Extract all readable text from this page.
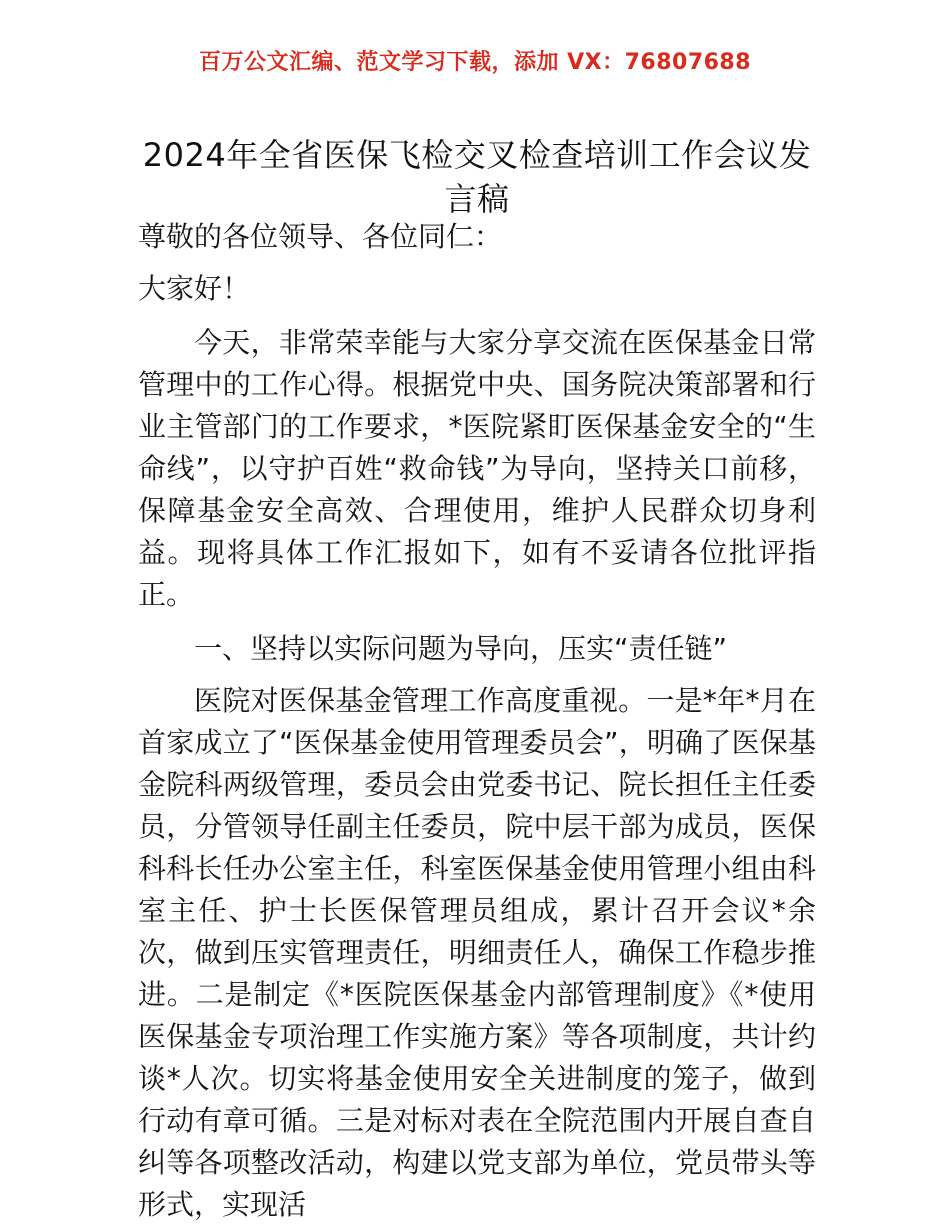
百万公文汇编、范文学习下载，添加 VX：76807688
2024年全省医保飞检交叉检查培训工作会议发言稿

尊敬的各位领导、各位同仁：

大家好！

今天，非常荣幸能与大家分享交流在医保基金日常管理中的工作心得。根据党中央、国务院决策部署和行业主管部门的工作要求，*医院紧盯医保基金安全的“生命线”，以守护百姓“救命钱”为导向，坚持关口前移，保障基金安全高效、合理使用，维护人民群众切身利益。现将具体工作汇报如下，如有不妥请各位批评指正。

一、坚持以实际问题为导向，压实“责任链”

医院对医保基金管理工作高度重视。一是*年*月在首家成立了“医保基金使用管理委员会”，明确了医保基金院科两级管理，委员会由党委书记、院长担任主任委员，分管领导任副主任委员，院中层干部为成员，医保科科长任办公室主任，科室医保基金使用管理小组由科室主任、护士长医保管理员组成，累计召开会议*余次，做到压实管理责任，明细责任人，确保工作稳步推进。二是制定《*医院医保基金内部管理制度》《*使用医保基金专项治理工作实施方案》等各项制度，共计约谈*人次。切实将基金使用安全关进制度的笼子，做到行动有章可循。三是对标对表在全院范围内开展自查自纠等各项整改活动，构建以党支部为单位，党员带头等形式，实现活
